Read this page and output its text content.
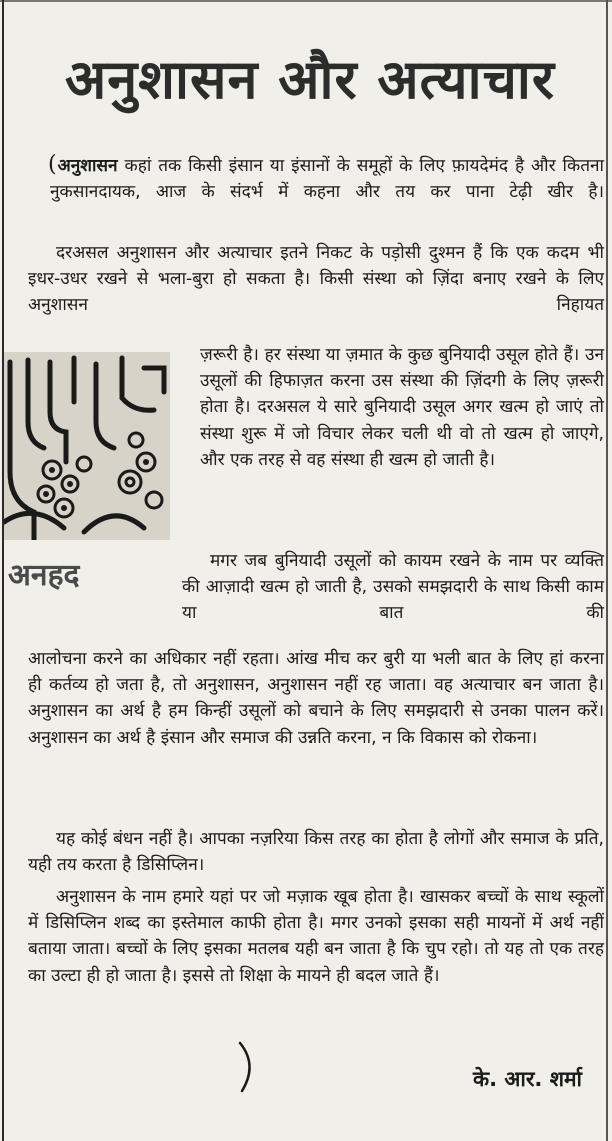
अनुशासन और अत्याचार

(अनुशासन कहां तक किसी इंसान या इंसानों के समूहों के लिए फ़ायदेमंद है और कितना नुकसानदायक, आज के संदर्भ में कहना और तय कर पाना टेढ़ी खीर है।

दरअसल अनुशासन और अत्याचार इतने निकट के पड़ोसी दुश्मन हैं कि एक कदम भी इधर-उधर रखने से भला-बुरा हो सकता है। किसी संस्था को ज़िंदा बनाए रखने के लिए अनुशासन निहायत

ज़रूरी है। हर संस्था या ज़मात के कुछ बुनियादी उसूल होते हैं। उन उसूलों की हिफाज़त करना उस संस्था की ज़िंदगी के लिए ज़रूरी होता है। दरअसल ये सारे बुनियादी उसूल अगर खत्म हो जाएं तो संस्था शुरू में जो विचार लेकर चली थी वो तो खत्म हो जाएगे, और एक तरह से वह संस्था ही खत्म हो जाती है।

अनहद	मगर जब बुनियादी उसूलों को कायम रखने के नाम पर व्यक्ति की आज़ादी खत्म हो जाती है, उसको समझदारी के साथ किसी काम या बात की

आलोचना करने का अधिकार नहीं रहता। आंख मीच कर बुरी या भली बात के लिए हां करना ही कर्तव्य हो जता है, तो अनुशासन, अनुशासन नहीं रह जाता। वह अत्याचार बन जाता है। अनुशासन का अर्थ है हम किन्हीं उसूलों को बचाने के लिए समझदारी से उनका पालन करें। अनुशासन का अर्थ है इंसान और समाज की उन्नति करना, न कि विकास को रोकना।

यह कोई बंधन नहीं है। आपका नज़रिया किस तरह का होता है लोगों और समाज के प्रति, यही तय करता है डिसिप्लिन।

अनुशासन के नाम हमारे यहां पर जो मज़ाक खूब होता है। खासकर बच्चों के साथ स्कूलों में डिसिप्लिन शब्द का इस्तेमाल काफी होता है। मगर उनको इसका सही मायनों में अर्थ नहीं बताया जाता। बच्चों के लिए इसका मतलब यही बन जाता है कि चुप रहो। तो यह तो एक तरह का उल्टा ही हो जाता है। इससे तो शिक्षा के मायने ही बदल जाते हैं।

के. आर. शर्मा
